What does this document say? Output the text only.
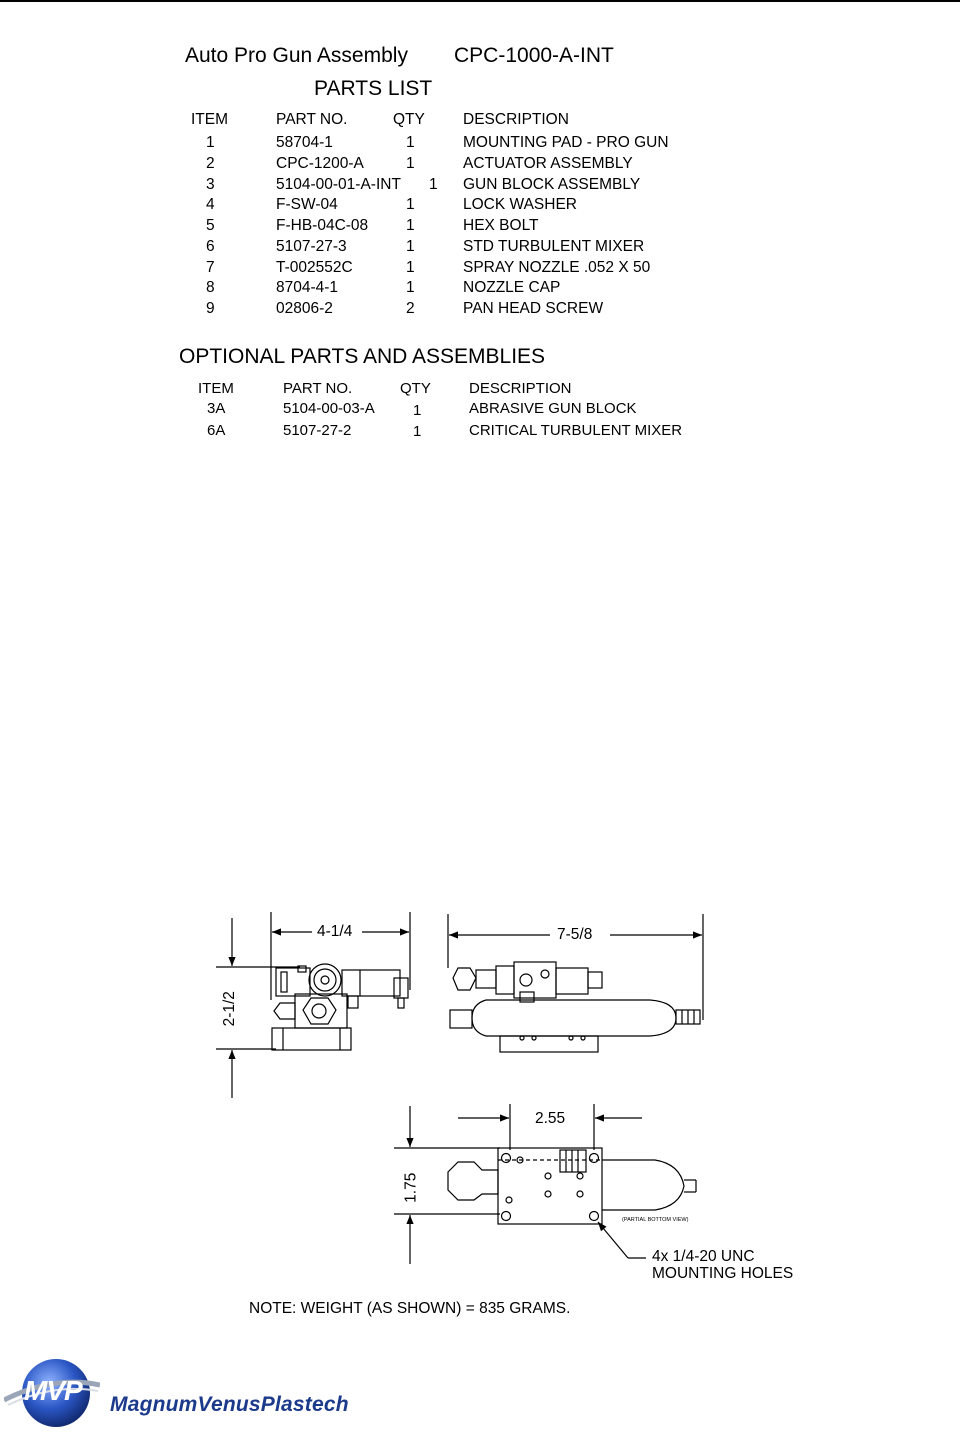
Auto Pro Gun Assembly CPC-1000-A-INT
PARTS LIST
ITEM	PART NO.	QTY DESCRIPTION
1	58704-1	1	MOUNTING PAD - PRO GUN
2	CPC-1200-A	1	ACTUATOR ASSEMBLY
3	5104-00-01-A-INT 1 GUN BLOCK ASSEMBLY
4	F-SW-04	1	LOCK WASHER
5	F-HB-04C-08 1	HEX BOLT
6	5107-27-3	1	STD TURBULENT MIXER
7	T-002552C	1	SPRAY NOZZLE .052 X 50
8	8704-4-1	1	NOZZLE CAP
9	02806-2	2	PAN HEAD SCREW
OPTIONAL PARTS AND ASSEMBLIES
ITEM	PART NO.	QTY	DESCRIPTION
3A	5104-00-03-A	1	ABRASIVE GUN BLOCK
6A	5107-27-2	1	CRITICAL TURBULENT MIXER
4-1/4	7-5/8
2-1/2
2.55
1.75
(PARTIAL BOTTOM VIEW)
4x 1/4-20 UNC
MOUNTING HOLES
NOTE: WEIGHT (AS SHOWN) = 835 GRAMS.
MVP MagnumVenusPlastech
